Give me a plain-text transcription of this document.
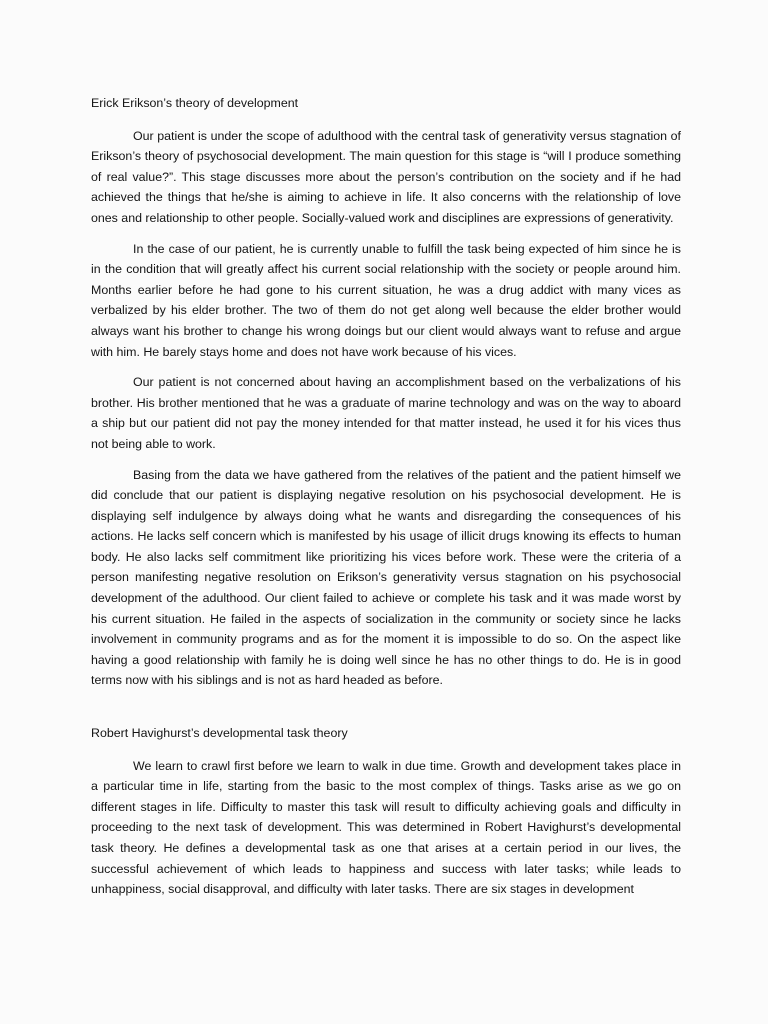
Erick Erikson’s theory of development

Our patient is under the scope of adulthood with the central task of generativity versus stagnation of Erikson’s theory of psychosocial development. The main question for this stage is “will I produce something of real value?”. This stage discusses more about the person’s contribution on the society and if he had achieved the things that he/she is aiming to achieve in life. It also concerns with the relationship of love ones and relationship to other people. Socially-valued work and disciplines are expressions of generativity.

In the case of our patient, he is currently unable to fulfill the task being expected of him since he is in the condition that will greatly affect his current social relationship with the society or people around him. Months earlier before he had gone to his current situation, he was a drug addict with many vices as verbalized by his elder brother. The two of them do not get along well because the elder brother would always want his brother to change his wrong doings but our client would always want to refuse and argue with him. He barely stays home and does not have work because of his vices.

Our patient is not concerned about having an accomplishment based on the verbalizations of his brother. His brother mentioned that he was a graduate of marine technology and was on the way to aboard a ship but our patient did not pay the money intended for that matter instead, he used it for his vices thus not being able to work.

Basing from the data we have gathered from the relatives of the patient and the patient himself we did conclude that our patient is displaying negative resolution on his psychosocial development. He is displaying self indulgence by always doing what he wants and disregarding the consequences of his actions. He lacks self concern which is manifested by his usage of illicit drugs knowing its effects to human body. He also lacks self commitment like prioritizing his vices before work. These were the criteria of a person manifesting negative resolution on Erikson’s generativity versus stagnation on his psychosocial development of the adulthood. Our client failed to achieve or complete his task and it was made worst by his current situation. He failed in the aspects of socialization in the community or society since he lacks involvement in community programs and as for the moment it is impossible to do so. On the aspect like having a good relationship with family he is doing well since he has no other things to do. He is in good terms now with his siblings and is not as hard headed as before.

Robert Havighurst’s developmental task theory

We learn to crawl first before we learn to walk in due time. Growth and development takes place in a particular time in life, starting from the basic to the most complex of things. Tasks arise as we go on different stages in life. Difficulty to master this task will result to difficulty achieving goals and difficulty in proceeding to the next task of development. This was determined in Robert Havighurst’s developmental task theory. He defines a developmental task as one that arises at a certain period in our lives, the successful achievement of which leads to happiness and success with later tasks; while leads to unhappiness, social disapproval, and difficulty with later tasks. There are six stages in development
